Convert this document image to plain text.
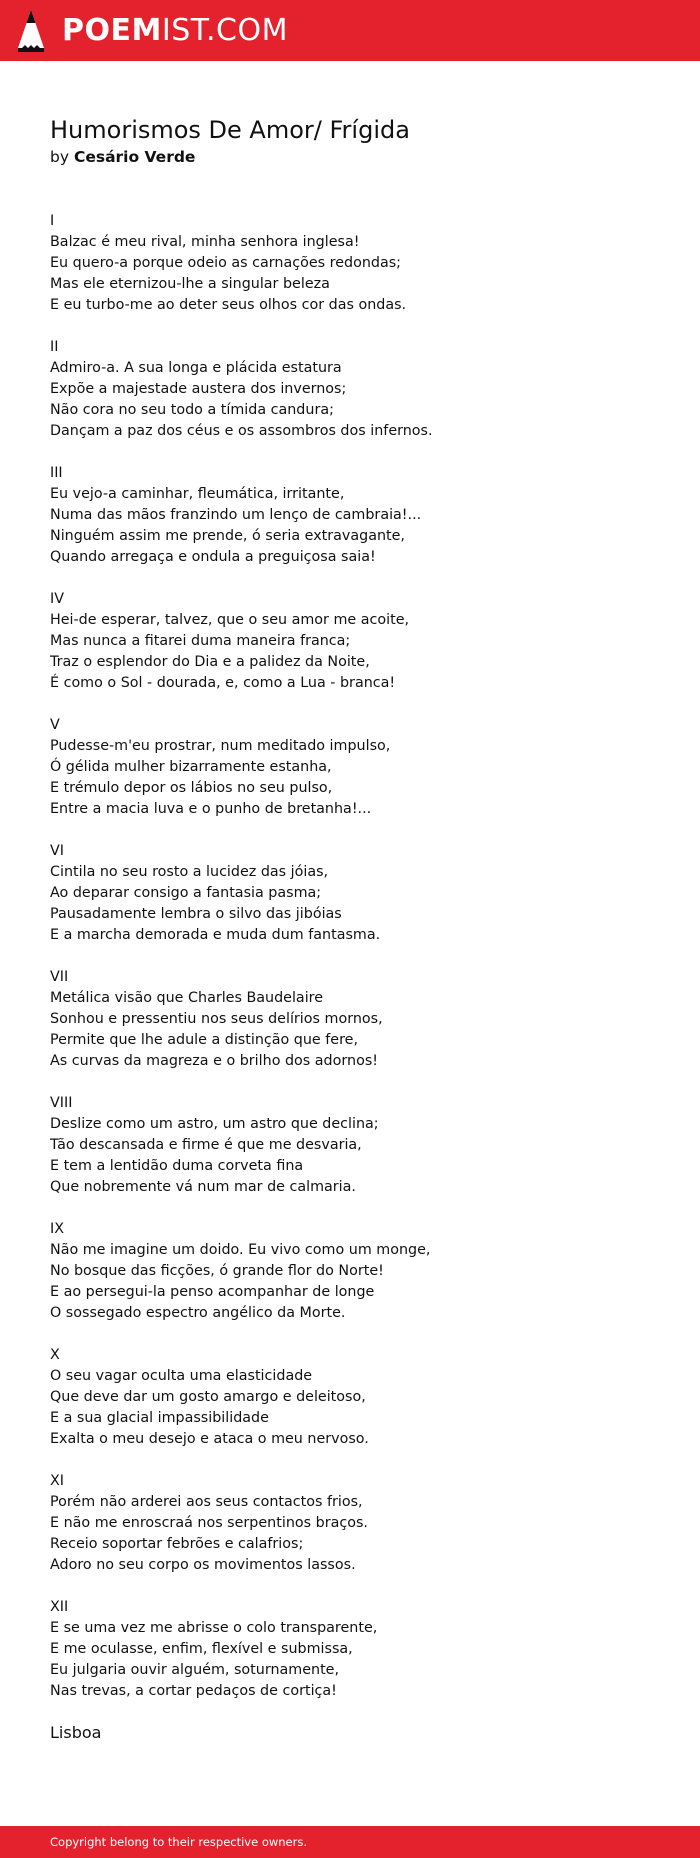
POEMIST.COM
Humorismos De Amor/ Frígida
by Cesário Verde
I
Balzac é meu rival, minha senhora inglesa!
Eu quero-a porque odeio as carnações redondas;
Mas ele eternizou-lhe a singular beleza
E eu turbo-me ao deter seus olhos cor das ondas.
II
Admiro-a. A sua longa e plácida estatura
Expõe a majestade austera dos invernos;
Não cora no seu todo a tímida candura;
Dançam a paz dos céus e os assombros dos infernos.
III
Eu vejo-a caminhar, fleumática, irritante,
Numa das mãos franzindo um lenço de cambraia!...
Ninguém assim me prende, ó seria extravagante,
Quando arregaça e ondula a preguiçosa saia!
IV
Hei-de esperar, talvez, que o seu amor me acoite,
Mas nunca a fitarei duma maneira franca;
Traz o esplendor do Dia e a palidez da Noite,
É como o Sol - dourada, e, como a Lua - branca!
V
Pudesse-m'eu prostrar, num meditado impulso,
Ó gélida mulher bizarramente estanha,
E trémulo depor os lábios no seu pulso,
Entre a macia luva e o punho de bretanha!...
VI
Cintila no seu rosto a lucidez das jóias,
Ao deparar consigo a fantasia pasma;
Pausadamente lembra o silvo das jibóias
E a marcha demorada e muda dum fantasma.
VII
Metálica visão que Charles Baudelaire
Sonhou e pressentiu nos seus delírios mornos,
Permite que lhe adule a distinção que fere,
As curvas da magreza e o brilho dos adornos!
VIII
Deslize como um astro, um astro que declina;
Tão descansada e firme é que me desvaria,
E tem a lentidão duma corveta fina
Que nobremente vá num mar de calmaria.
IX
Não me imagine um doido. Eu vivo como um monge,
No bosque das ficções, ó grande flor do Norte!
E ao persegui-la penso acompanhar de longe
O sossegado espectro angélico da Morte.
X
O seu vagar oculta uma elasticidade
Que deve dar um gosto amargo e deleitoso,
E a sua glacial impassibilidade
Exalta o meu desejo e ataca o meu nervoso.
XI
Porém não arderei aos seus contactos frios,
E não me enroscraá nos serpentinos braços.
Receio soportar febrões e calafrios;
Adoro no seu corpo os movimentos lassos.
XII
E se uma vez me abrisse o colo transparente,
E me oculasse, enfim, flexível e submissa,
Eu julgaria ouvir alguém, soturnamente,
Nas trevas, a cortar pedaços de cortiça!
Lisboa
Copyright belong to their respective owners.
